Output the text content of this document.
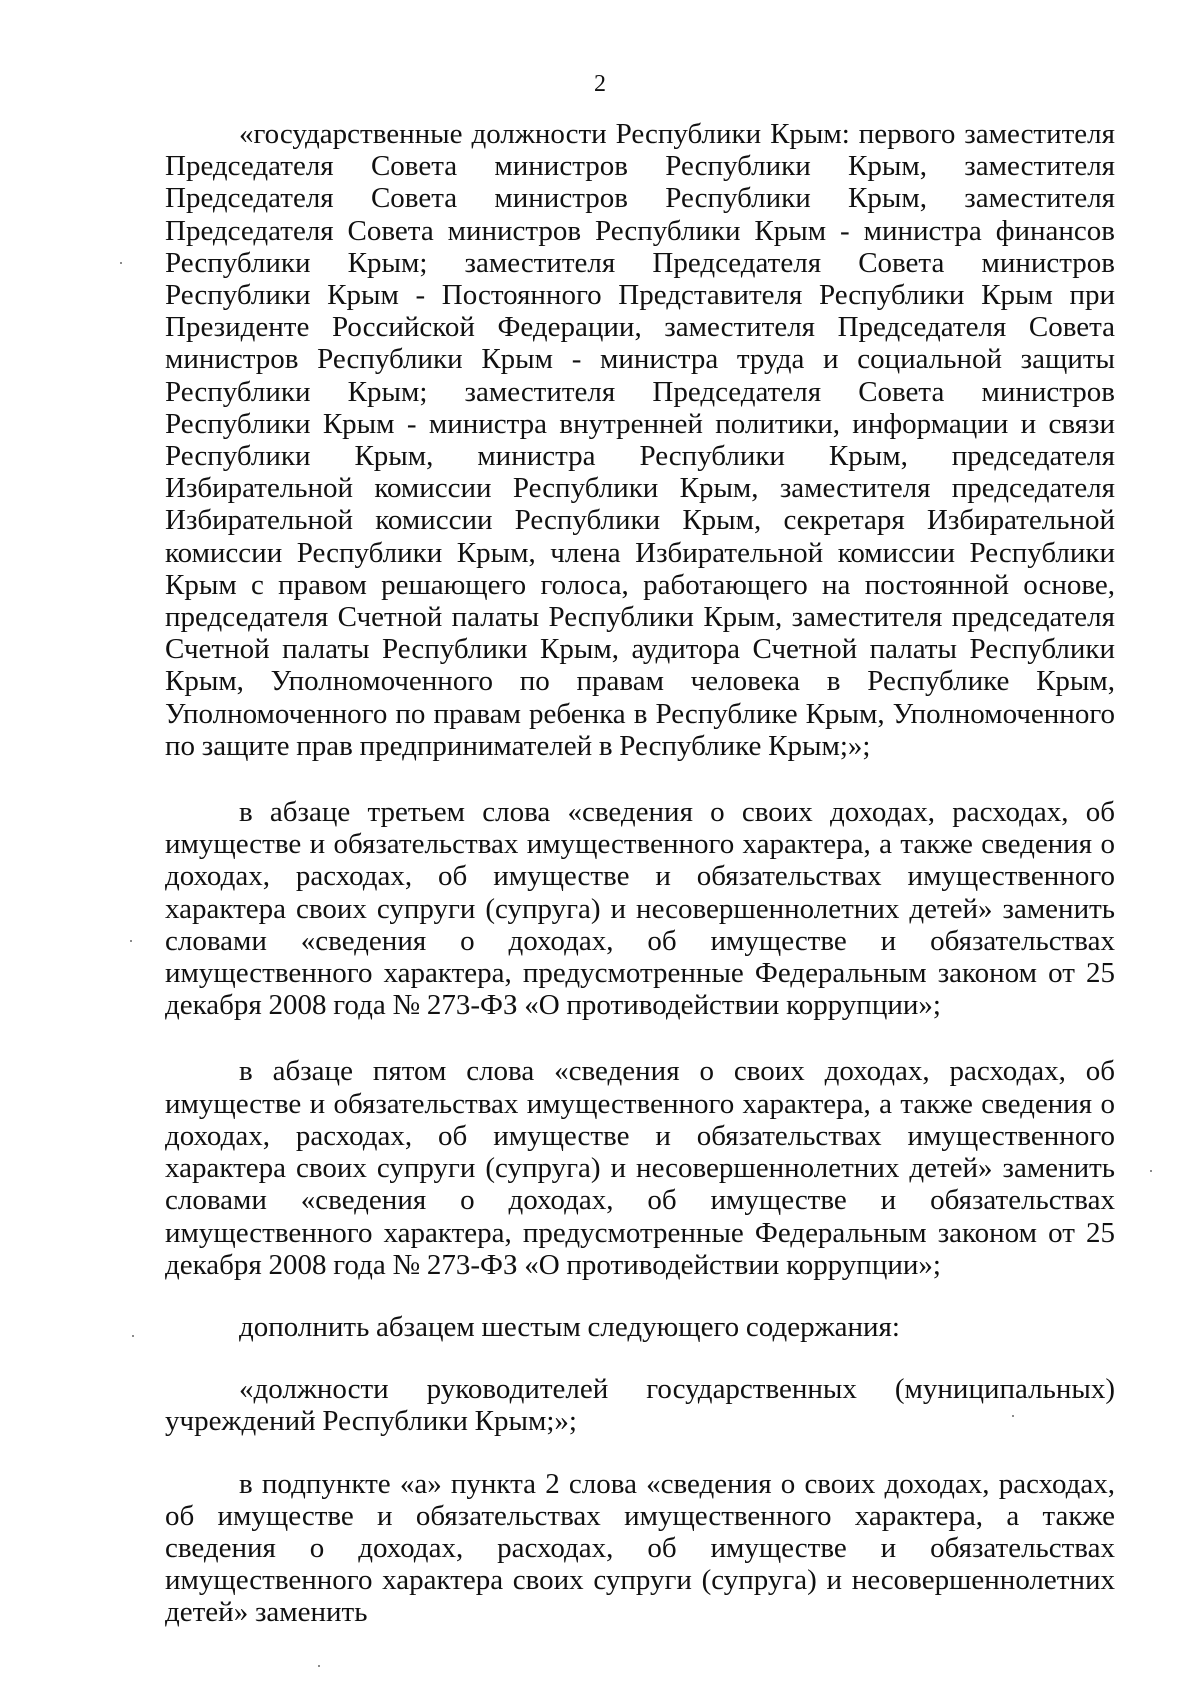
2

«государственные должности Республики Крым: первого заместителя Председателя Совета министров Республики Крым, заместителя Председателя Совета министров Республики Крым, заместителя Председателя Совета министров Республики Крым - министра финансов Республики Крым; заместителя Председателя Совета министров Республики Крым - Постоянного Представителя Республики Крым при Президенте Российской Федерации, заместителя Председателя Совета министров Республики Крым - министра труда и социальной защиты Республики Крым; заместителя Председателя Совета министров Республики Крым - министра внутренней политики, информации и связи Республики Крым, министра Республики Крым, председателя Избирательной комиссии Республики Крым, заместителя председателя Избирательной комиссии Республики Крым, секретаря Избирательной комиссии Республики Крым, члена Избирательной комиссии Республики Крым с правом решающего голоса, работающего на постоянной основе, председателя Счетной палаты Республики Крым, заместителя председателя Счетной палаты Республики Крым, аудитора Счетной палаты Республики Крым, Уполномоченного по правам человека в Республике Крым, Уполномоченного по правам ребенка в Республике Крым, Уполномоченного по защите прав предпринимателей в Республике Крым;»;

в абзаце третьем слова «сведения о своих доходах, расходах, об имуществе и обязательствах имущественного характера, а также сведения о доходах, расходах, об имуществе и обязательствах имущественного характера своих супруги (супруга) и несовершеннолетних детей» заменить словами «сведения о доходах, об имуществе и обязательствах имущественного характера, предусмотренные Федеральным законом от 25 декабря 2008 года № 273-ФЗ «О противодействии коррупции»;

в абзаце пятом слова «сведения о своих доходах, расходах, об имуществе и обязательствах имущественного характера, а также сведения о доходах, расходах, об имуществе и обязательствах имущественного характера своих супруги (супруга) и несовершеннолетних детей» заменить словами «сведения о доходах, об имуществе и обязательствах имущественного характера, предусмотренные Федеральным законом от 25 декабря 2008 года № 273-ФЗ «О противодействии коррупции»;

дополнить абзацем шестым следующего содержания:

«должности руководителей государственных (муниципальных) учреждений Республики Крым;»;

в подпункте «а» пункта 2 слова «сведения о своих доходах, расходах, об имуществе и обязательствах имущественного характера, а также сведения о доходах, расходах, об имуществе и обязательствах имущественного характера своих супруги (супруга) и несовершеннолетних детей» заменить
